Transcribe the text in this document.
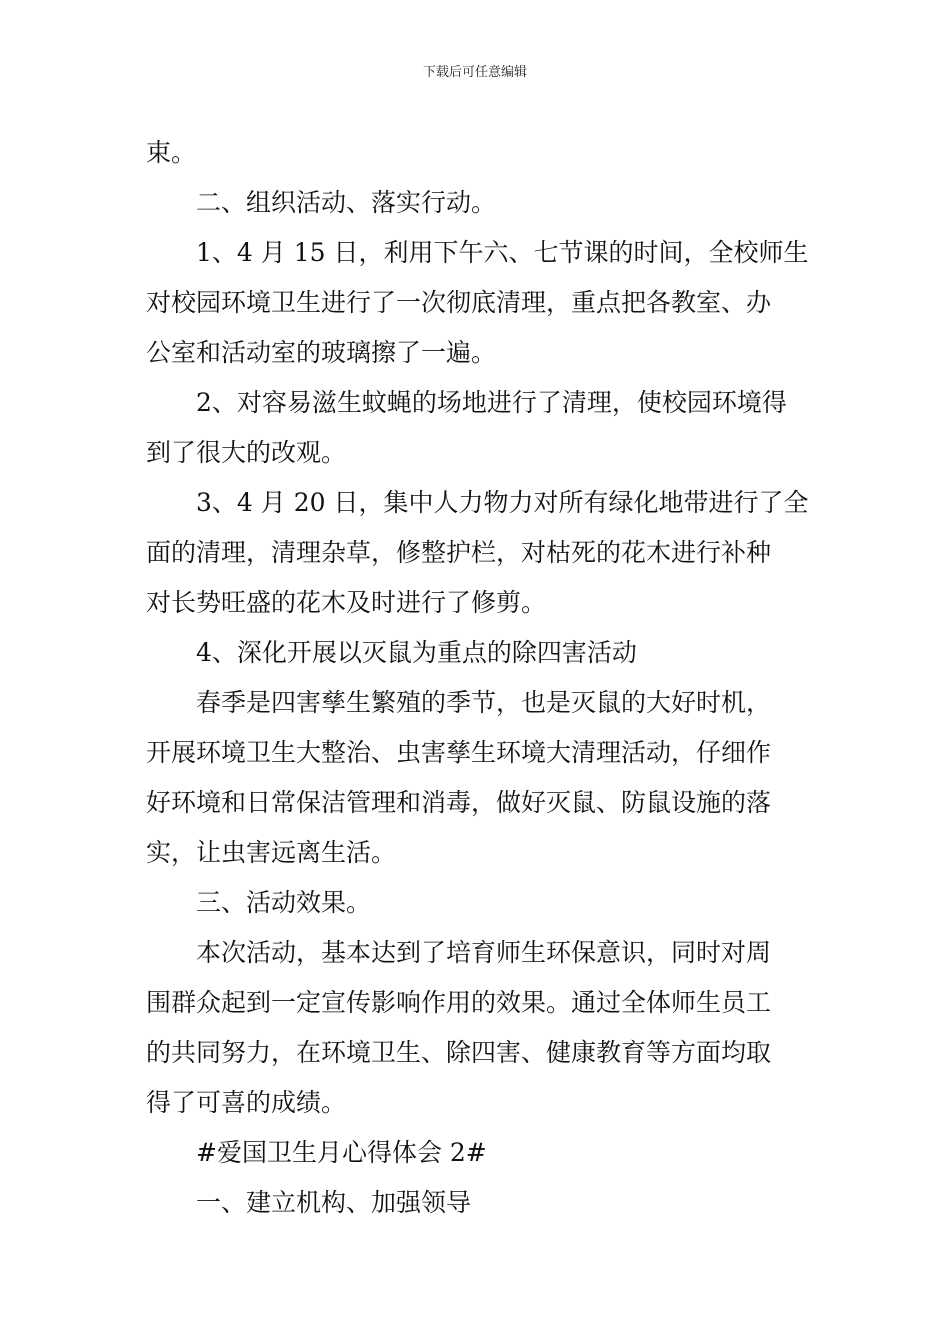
下载后可任意编辑
束。
二、组织活动、落实行动。
1、4 月 15 日，利用下午六、七节课的时间，全校师生
对校园环境卫生进行了一次彻底清理，重点把各教室、办
公室和活动室的玻璃擦了一遍。
2、对容易滋生蚊蝇的场地进行了清理，使校园环境得
到了很大的改观。
3、4 月 20 日，集中人力物力对所有绿化地带进行了全
面的清理，清理杂草，修整护栏，对枯死的花木进行补种
对长势旺盛的花木及时进行了修剪。
4、深化开展以灭鼠为重点的除四害活动
春季是四害孳生繁殖的季节，也是灭鼠的大好时机，
开展环境卫生大整治、虫害孳生环境大清理活动，仔细作
好环境和日常保洁管理和消毒，做好灭鼠、防鼠设施的落
实，让虫害远离生活。
三、活动效果。
本次活动，基本达到了培育师生环保意识，同时对周
围群众起到一定宣传影响作用的效果。通过全体师生员工
的共同努力，在环境卫生、除四害、健康教育等方面均取
得了可喜的成绩。
#爱国卫生月心得体会 2#
一、建立机构、加强领导
